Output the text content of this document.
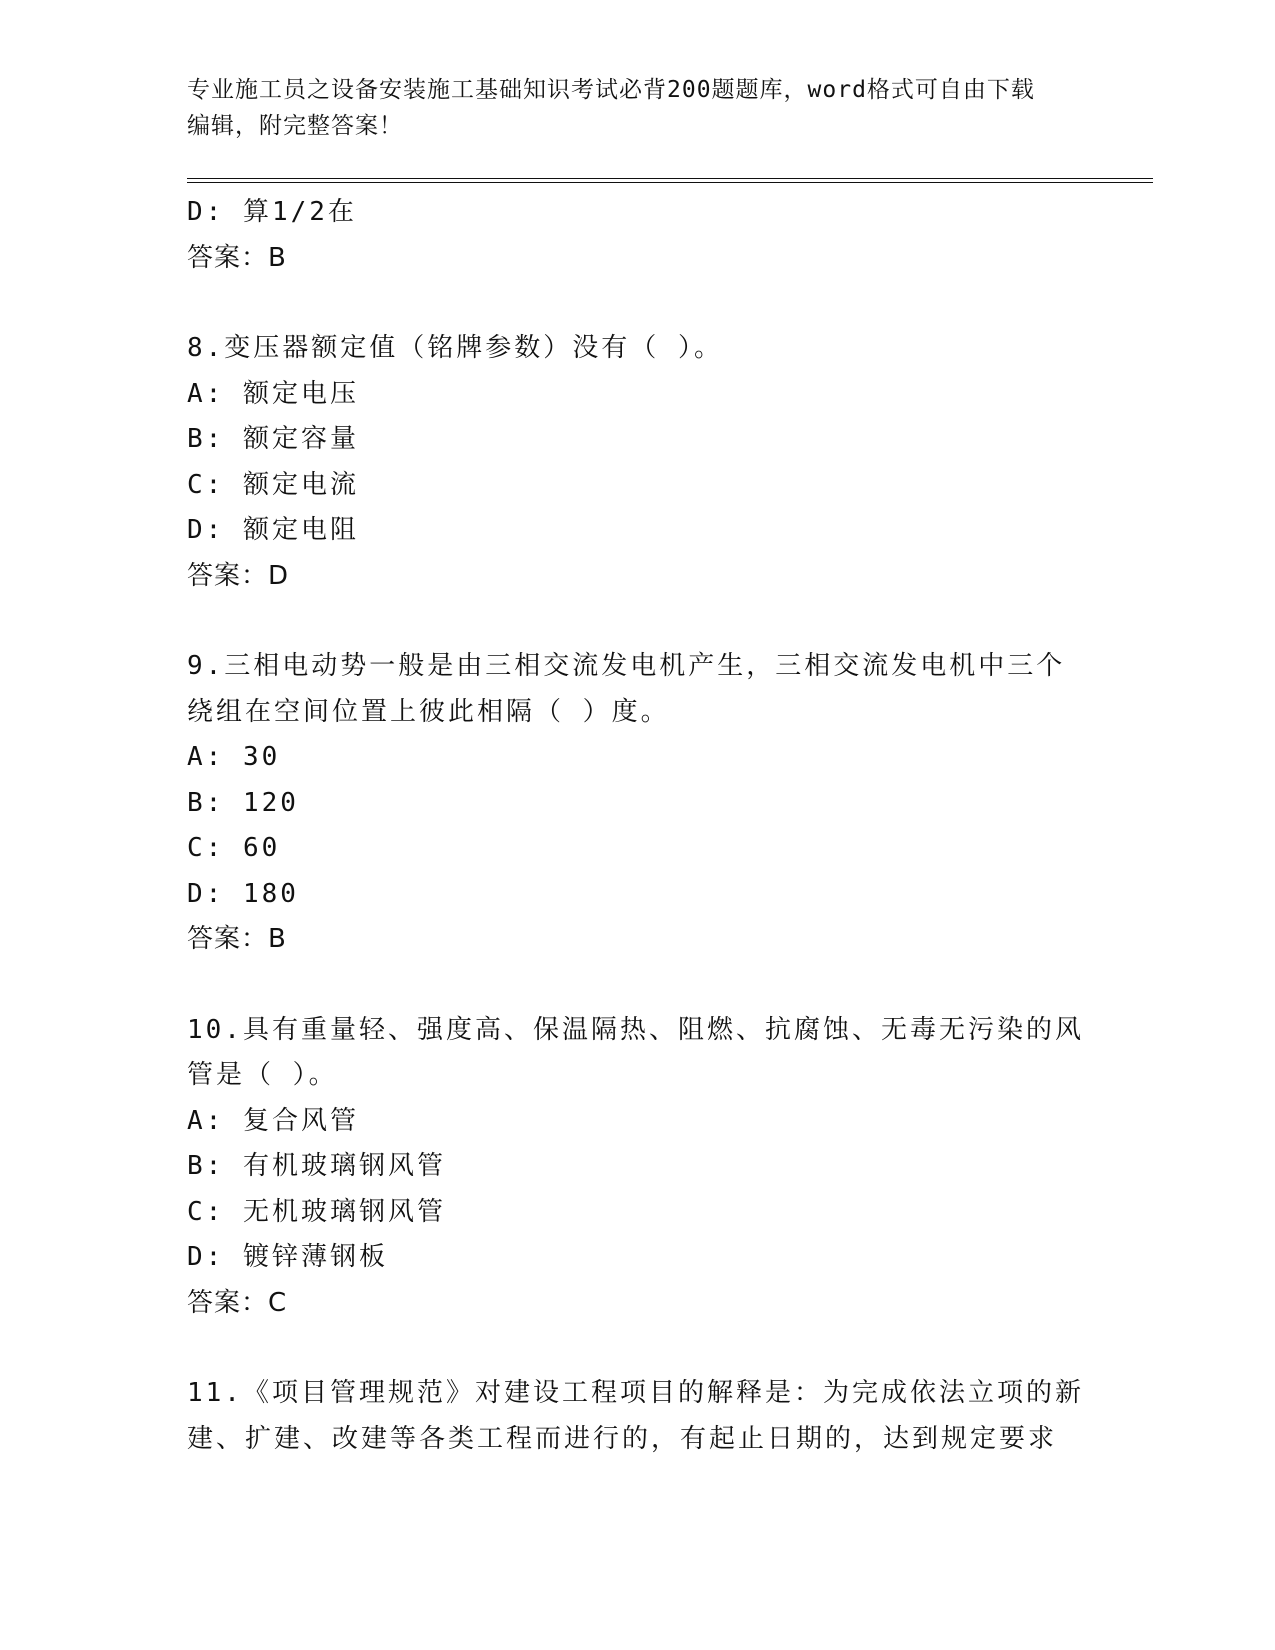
专业施工员之设备安装施工基础知识考试必背200题题库，word格式可自由下载
编辑，附完整答案！
D: 算1/2在
答案：B
8.变压器额定值（铭牌参数）没有（ ）。
A: 额定电压
B: 额定容量
C: 额定电流
D: 额定电阻
答案：D
9.三相电动势一般是由三相交流发电机产生，三相交流发电机中三个
绕组在空间位置上彼此相隔（ ）度。
A: 30
B: 120
C: 60
D: 180
答案：B
10.具有重量轻、强度高、保温隔热、阻燃、抗腐蚀、无毒无污染的风
管是（ ）。
A: 复合风管
B: 有机玻璃钢风管
C: 无机玻璃钢风管
D: 镀锌薄钢板
答案：C
11.《项目管理规范》对建设工程项目的解释是：为完成依法立项的新
建、扩建、改建等各类工程而进行的，有起止日期的，达到规定要求
